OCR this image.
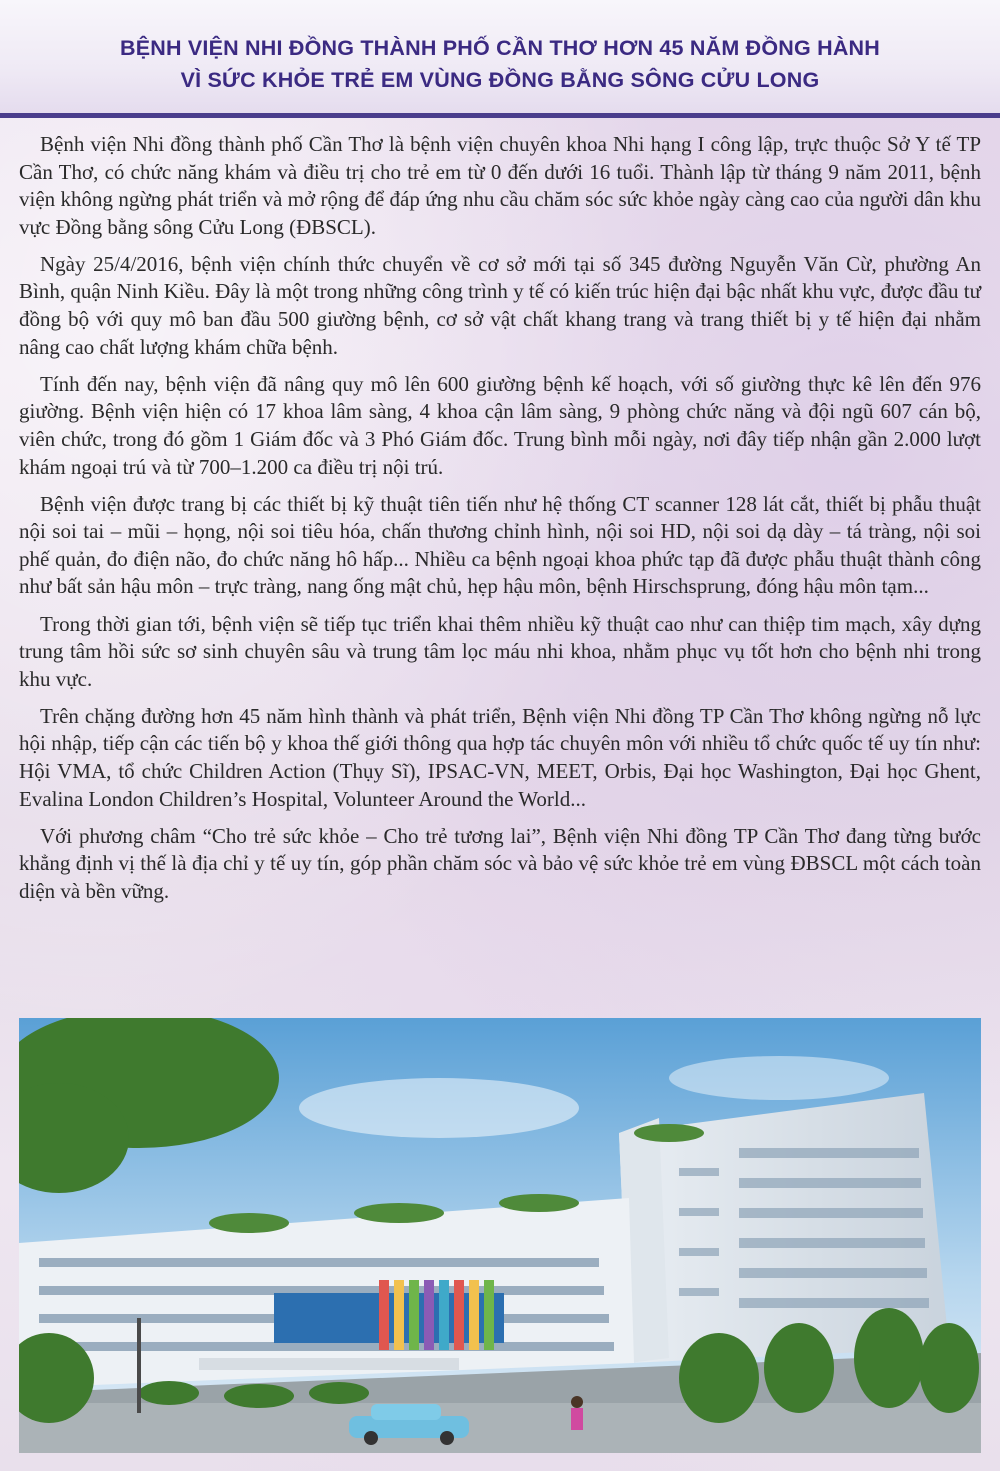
BỆNH VIỆN NHI ĐỒNG THÀNH PHỐ CẦN THƠ HƠN 45 NĂM ĐỒNG HÀNH
VÌ SỨC KHỎE TRẺ EM VÙNG ĐỒNG BẰNG SÔNG CỬU LONG

Bệnh viện Nhi đồng thành phố Cần Thơ là bệnh viện chuyên khoa Nhi hạng I công lập, trực thuộc Sở Y tế TP Cần Thơ, có chức năng khám và điều trị cho trẻ em từ 0 đến dưới 16 tuổi. Thành lập từ tháng 9 năm 2011, bệnh viện không ngừng phát triển và mở rộng để đáp ứng nhu cầu chăm sóc sức khỏe ngày càng cao của người dân khu vực Đồng bằng sông Cửu Long (ĐBSCL).

Ngày 25/4/2016, bệnh viện chính thức chuyển về cơ sở mới tại số 345 đường Nguyễn Văn Cừ, phường An Bình, quận Ninh Kiều. Đây là một trong những công trình y tế có kiến trúc hiện đại bậc nhất khu vực, được đầu tư đồng bộ với quy mô ban đầu 500 giường bệnh, cơ sở vật chất khang trang và trang thiết bị y tế hiện đại nhằm nâng cao chất lượng khám chữa bệnh.

Tính đến nay, bệnh viện đã nâng quy mô lên 600 giường bệnh kế hoạch, với số giường thực kê lên đến 976 giường. Bệnh viện hiện có 17 khoa lâm sàng, 4 khoa cận lâm sàng, 9 phòng chức năng và đội ngũ 607 cán bộ, viên chức, trong đó gồm 1 Giám đốc và 3 Phó Giám đốc. Trung bình mỗi ngày, nơi đây tiếp nhận gần 2.000 lượt khám ngoại trú và từ 700–1.200 ca điều trị nội trú.

Bệnh viện được trang bị các thiết bị kỹ thuật tiên tiến như hệ thống CT scanner 128 lát cắt, thiết bị phẫu thuật nội soi tai – mũi – họng, nội soi tiêu hóa, chấn thương chỉnh hình, nội soi HD, nội soi dạ dày – tá tràng, nội soi phế quản, đo điện não, đo chức năng hô hấp... Nhiều ca bệnh ngoại khoa phức tạp đã được phẫu thuật thành công như bất sản hậu môn – trực tràng, nang ống mật chủ, hẹp hậu môn, bệnh Hirschsprung, đóng hậu môn tạm...

Trong thời gian tới, bệnh viện sẽ tiếp tục triển khai thêm nhiều kỹ thuật cao như can thiệp tim mạch, xây dựng trung tâm hồi sức sơ sinh chuyên sâu và trung tâm lọc máu nhi khoa, nhằm phục vụ tốt hơn cho bệnh nhi trong khu vực.

Trên chặng đường hơn 45 năm hình thành và phát triển, Bệnh viện Nhi đồng TP Cần Thơ không ngừng nỗ lực hội nhập, tiếp cận các tiến bộ y khoa thế giới thông qua hợp tác chuyên môn với nhiều tổ chức quốc tế uy tín như: Hội VMA, tổ chức Children Action (Thụy Sĩ), IPSAC-VN, MEET, Orbis, Đại học Washington, Đại học Ghent, Evalina London Children’s Hospital, Volunteer Around the World...

Với phương châm “Cho trẻ sức khỏe – Cho trẻ tương lai”, Bệnh viện Nhi đồng TP Cần Thơ đang từng bước khẳng định vị thế là địa chỉ y tế uy tín, góp phần chăm sóc và bảo vệ sức khỏe trẻ em vùng ĐBSCL một cách toàn diện và bền vững.
